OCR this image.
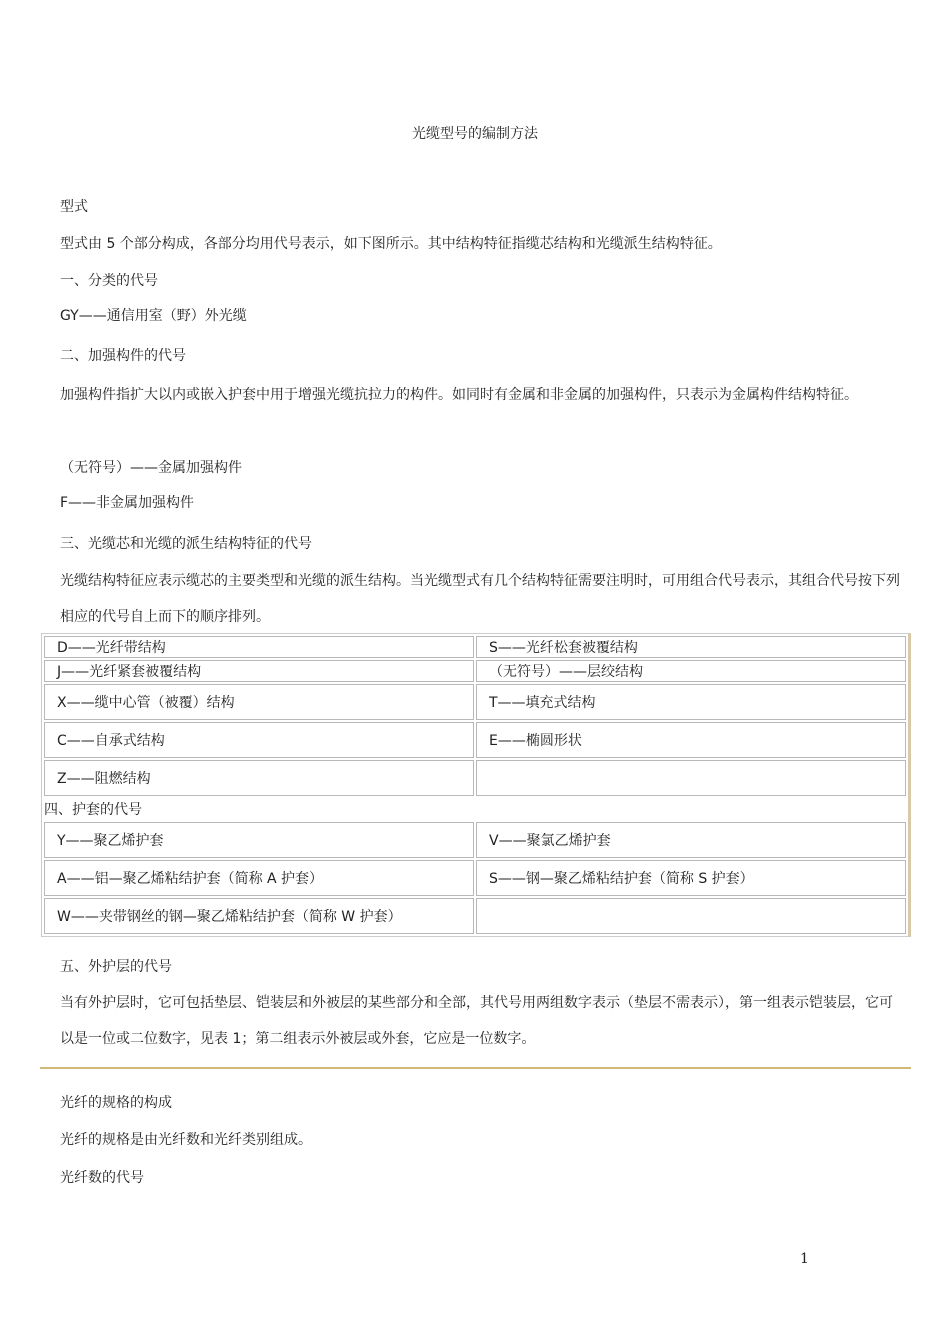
光缆型号的编制方法
型式
型式由 5 个部分构成，各部分均用代号表示，如下图所示。其中结构特征指缆芯结构和光缆派生结构特征。
一、分类的代号
GY——通信用室（野）外光缆
二、加强构件的代号
加强构件指扩大以内或嵌入护套中用于增强光缆抗拉力的构件。如同时有金属和非金属的加强构件，只表示为金属构件结构特征。
（无符号）——金属加强构件
F——非金属加强构件
三、光缆芯和光缆的派生结构特征的代号
光缆结构特征应表示缆芯的主要类型和光缆的派生结构。当光缆型式有几个结构特征需要注明时，可用组合代号表示，其组合代号按下列相应的代号自上而下的顺序排列。
D——光纤带结构	S——光纤松套被覆结构
J——光纤紧套被覆结构	（无符号）——层绞结构
X——缆中心管（被覆）结构	T——填充式结构
C——自承式结构	E——椭圆形状
Z——阻燃结构	
四、护套的代号	
Y——聚乙烯护套	V——聚氯乙烯护套
A——铝—聚乙烯粘结护套（简称 A 护套）	S——钢—聚乙烯粘结护套（简称 S 护套）
W——夹带钢丝的钢—聚乙烯粘结护套（简称 W 护套）	
五、外护层的代号
当有外护层时，它可包括垫层、铠装层和外被层的某些部分和全部，其代号用两组数字表示（垫层不需表示），第一组表示铠装层，它可以是一位或二位数字，见表 1；第二组表示外被层或外套，它应是一位数字。
光纤的规格的构成
光纤的规格是由光纤数和光纤类别组成。
光纤数的代号
1
